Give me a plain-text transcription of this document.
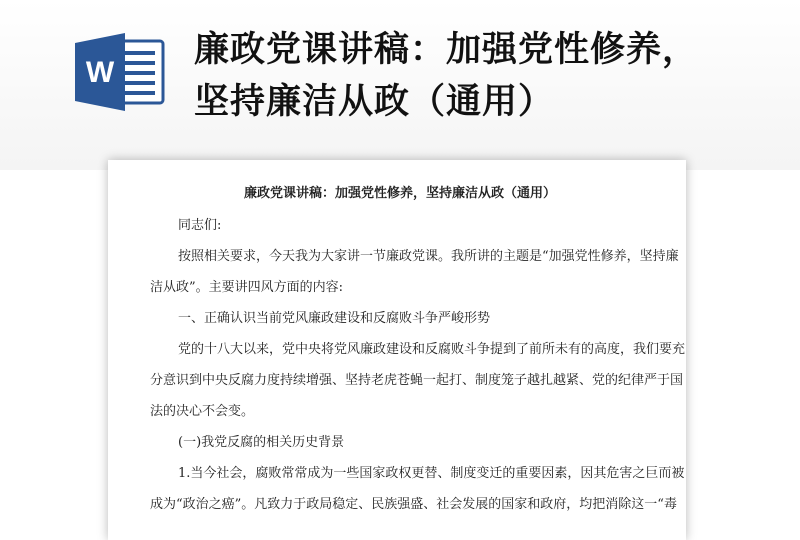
W
廉政党课讲稿：加强党性修养，
坚持廉洁从政（通用）
廉政党课讲稿：加强党性修养，坚持廉洁从政（通用）
同志们:
按照相关要求，今天我为大家讲一节廉政党课。我所讲的主题是“加强党性修养，坚持廉
洁从政”。主要讲四风方面的内容:
一、正确认识当前党风廉政建设和反腐败斗争严峻形势
党的十八大以来，党中央将党风廉政建设和反腐败斗争提到了前所未有的高度，我们要充
分意识到中央反腐力度持续增强、坚持老虎苍蝇一起打、制度笼子越扎越紧、党的纪律严于国
法的决心不会变。
(一)我党反腐的相关历史背景
1.当今社会，腐败常常成为一些国家政权更替、制度变迁的重要因素，因其危害之巨而被
成为“政治之癌”。凡致力于政局稳定、民族强盛、社会发展的国家和政府，均把消除这一“毒
